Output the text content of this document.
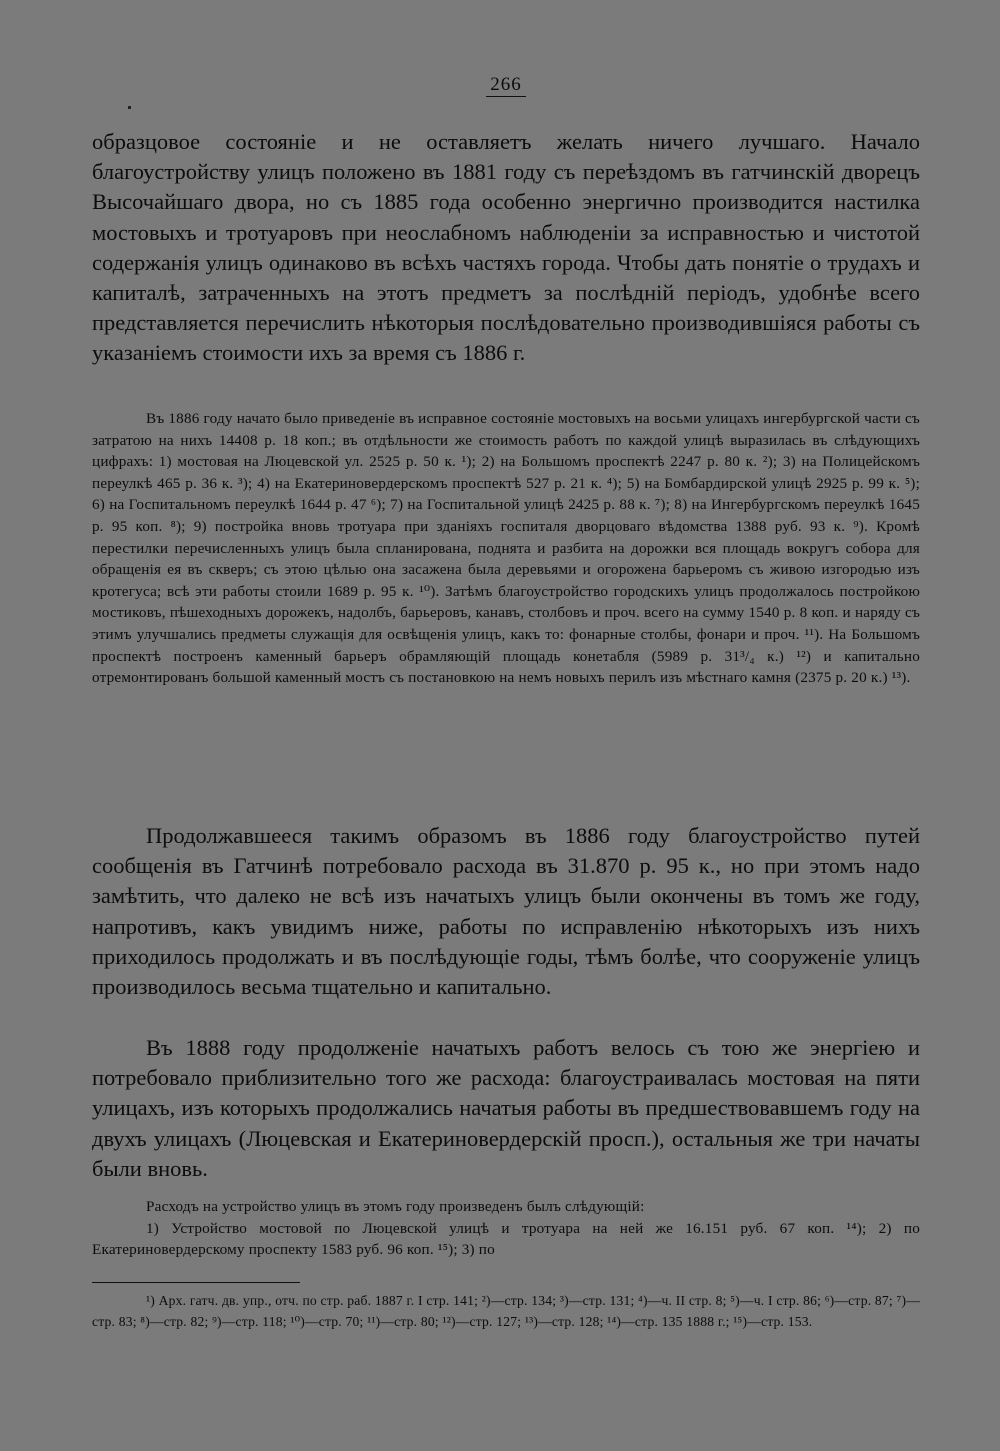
266

образцовое состоянiе и не оставляетъ желать ничего лучшаго. Начало благоустройству улицъ положено въ 1881 году съ переѣздомъ въ гатчинскiй дворецъ Высочайшаго двора, но съ 1885 года особенно энергично производится настилка мостовыхъ и тротуаровъ при неослабномъ наблюденiи за исправностью и чистотой содержанiя улицъ одинаково въ всѣхъ частяхъ города. Чтобы дать понятiе о трудахъ и капиталѣ, затраченныхъ на этотъ предметъ за послѣднiй перiодъ, удобнѣе всего представляется перечислить нѣкоторыя послѣдовательно производившiяся работы съ указанiемъ стоимости ихъ за время съ 1886 г.

Въ 1886 году начато было приведенiе въ исправное состоянiе мостовыхъ на восьми улицахъ ингербургской части съ затратою на нихъ 14408 р. 18 коп.; въ отдѣльности же стоимость работъ по каждой улицѣ выразилась въ слѣдующихъ цифрахъ: 1) мостовая на Люцевской ул. 2525 р. 50 к. ¹); 2) на Большомъ проспектѣ 2247 р. 80 к. ²); 3) на Полицейскомъ переулкѣ 465 р. 36 к. ³); 4) на Екатериновердерскомъ проспектѣ 527 р. 21 к. ⁴); 5) на Бомбардирской улицѣ 2925 р. 99 к. ⁵); 6) на Госпитальномъ переулкѣ 1644 р. 47 ⁶); 7) на Госпитальной улицѣ 2425 р. 88 к. ⁷); 8) на Ингербургскомъ переулкѣ 1645 р. 95 коп. ⁸); 9) постройка вновь тротуара при зданiяхъ госпиталя дворцоваго вѣдомства 1388 руб. 93 к. ⁹). Кромѣ перестилки перечисленныхъ улицъ была спланирована, поднята и разбита на дорожки вся площадь вокругъ собора для обращенiя ея въ скверъ; съ этою цѣлью она засажена была деревьями и огорожена барьеромъ съ живою изгородью изъ кротегуса; всѣ эти работы стоили 1689 р. 95 к. ¹⁰). Затѣмъ благоустройство городскихъ улицъ продолжалось постройкою мостиковъ, пѣшеходныхъ дорожекъ, надолбъ, барьеровъ, канавъ, столбовъ и проч. всего на сумму 1540 р. 8 коп. и наряду съ этимъ улучшались предметы служащiя для освѣщенiя улицъ, какъ то: фонарные столбы, фонари и проч. ¹¹). На Большомъ проспектѣ построенъ каменный барьеръ обрамляющiй площадь конетабля (5989 р. 31³/₄ к.) ¹²) и капитально отремонтированъ большой каменный мостъ съ постановкою на немъ новыхъ перилъ изъ мѣстнаго камня (2375 р. 20 к.) ¹³).

Продолжавшееся такимъ образомъ въ 1886 году благоустройство путей сообщенiя въ Гатчинѣ потребовало расхода въ 31.870 р. 95 к., но при этомъ надо замѣтить, что далеко не всѣ изъ начатыхъ улицъ были окончены въ томъ же году, напротивъ, какъ увидимъ ниже, работы по исправленiю нѣкоторыхъ изъ нихъ приходилось продолжать и въ послѣдующiе годы, тѣмъ болѣе, что сооруженiе улицъ производилось весьма тщательно и капитально.

Въ 1888 году продолженiе начатыхъ работъ велось съ тою же энергiею и потребовало приблизительно того же расхода: благоустраивалась мостовая на пяти улицахъ, изъ которыхъ продолжались начатыя работы въ предшествовавшемъ году на двухъ улицахъ (Люцевская и Екатериновердерскiй просп.), остальныя же три начаты были вновь.

Расходъ на устройство улицъ въ этомъ году произведенъ былъ слѣдующiй:

1) Устройство мостовой по Люцевской улицѣ и тротуара на ней же 16.151 руб. 67 коп. ¹⁴); 2) по Екатериновердерскому проспекту 1583 руб. 96 коп. ¹⁵); 3) по

¹) Арх. гатч. дв. упр., отч. по стр. раб. 1887 г. I стр. 141; ²)—стр. 134; ³)—стр. 131; ⁴)—ч. II стр. 8; ⁵)—ч. I стр. 86; ⁶)—стр. 87; ⁷)—стр. 83; ⁸)—стр. 82; ⁹)—стр. 118; ¹⁰)—стр. 70; ¹¹)—стр. 80; ¹²)—стр. 127; ¹³)—стр. 128; ¹⁴)—стр. 135 1888 г.; ¹⁵)—стр. 153.
